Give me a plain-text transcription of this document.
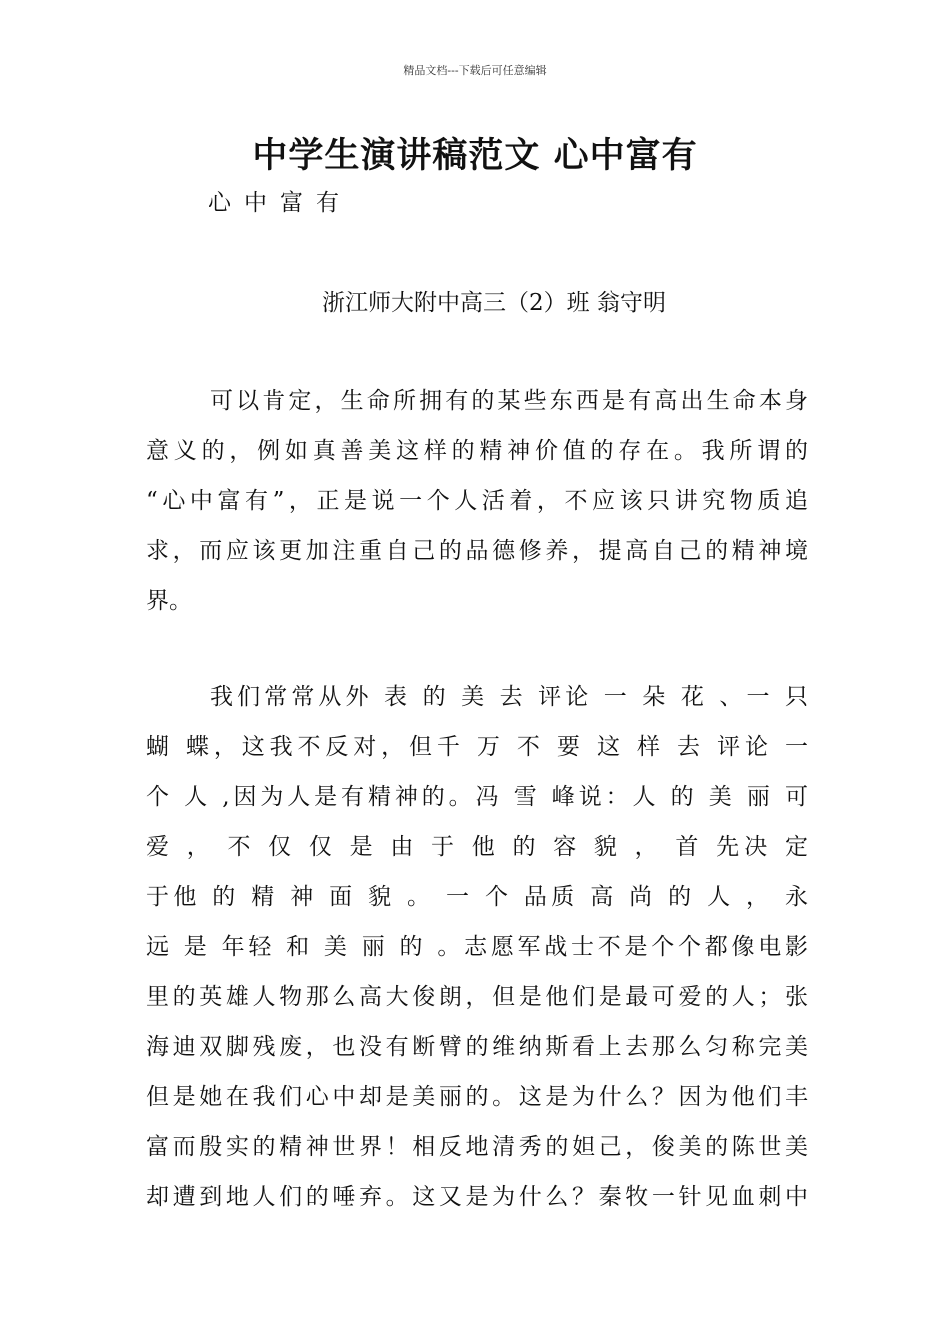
精品文档---下载后可任意编辑
中学生演讲稿范文 心中富有
心中富有
浙江师大附中高三（2）班 翁守明

可以肯定，生命所拥有的某些东西是有高出生命本身
意义的，例如真善美这样的精神价值的存在。我所谓的
“心中富有”，正是说一个人活着，不应该只讲究物质追
求，而应该更加注重自己的品德修养，提高自己的精神境
界。

我们常常从外 表 的 美 去 评论 一 朵 花 、一 只
蝴 蝶，这我不反对，但千 万 不 要 这 样 去 评论 一
个 人 ,因为人是有精神的。冯 雪 峰说：人 的 美 丽 可
爱 ， 不 仅 仅 是 由 于 他 的 容 貌 ， 首 先决 定
于他 的 精 神 面 貌 。 一 个 品质 高 尚 的 人 ， 永
远 是 年轻 和 美 丽 的 。志愿军战士不是个个都像电影
里的英雄人物那么高大俊朗，但是他们是最可爱的人；张
海迪双脚残废，也没有断臂的维纳斯看上去那么匀称完美
但是她在我们心中却是美丽的。这是为什么？因为他们丰
富而殷实的精神世界！相反地清秀的妲己，俊美的陈世美
却遭到地人们的唾弃。这又是为什么？秦牧一针见血刺中
